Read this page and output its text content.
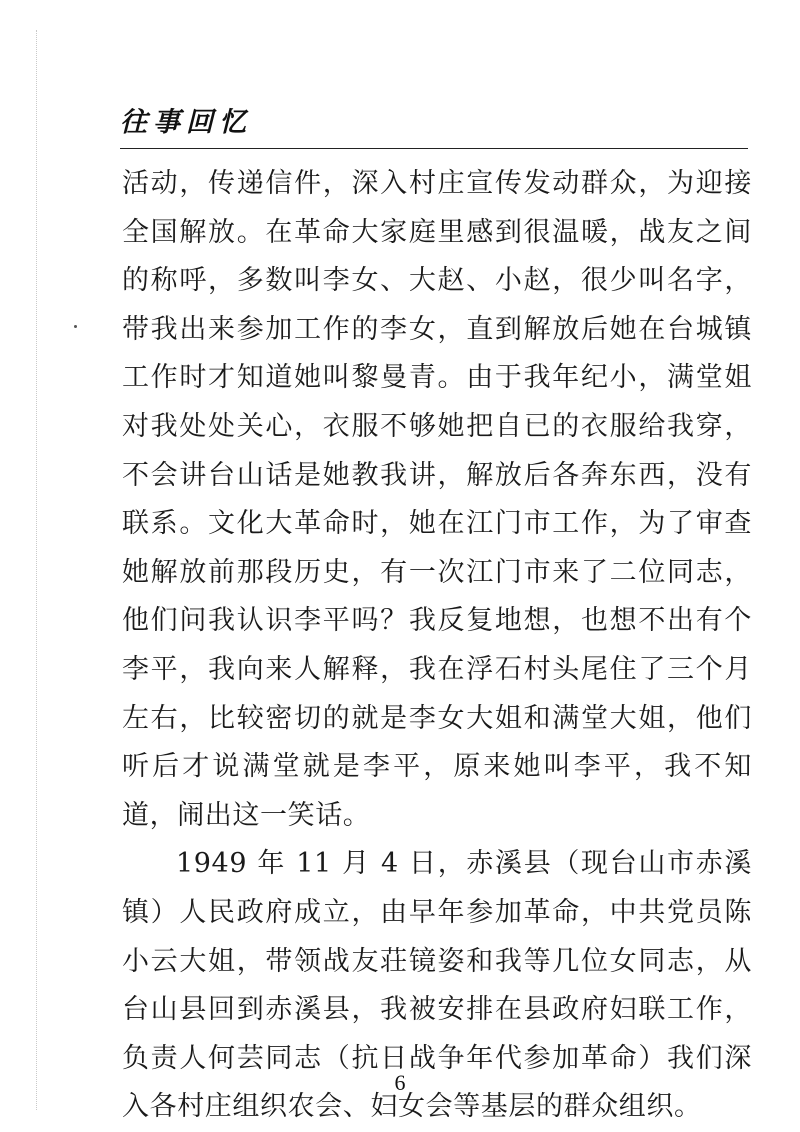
往事回忆

活动，传递信件，深入村庄宣传发动群众，为迎接全国解放。在革命大家庭里感到很温暖，战友之间的称呼，多数叫李女、大赵、小赵，很少叫名字，带我出来参加工作的李女，直到解放后她在台城镇工作时才知道她叫黎曼青。由于我年纪小，满堂姐对我处处关心，衣服不够她把自已的衣服给我穿，不会讲台山话是她教我讲，解放后各奔东西，没有联系。文化大革命时，她在江门市工作，为了审查她解放前那段历史，有一次江门市来了二位同志，他们问我认识李平吗？我反复地想，也想不出有个李平，我向来人解释，我在浮石村头尾住了三个月左右，比较密切的就是李女大姐和满堂大姐，他们听后才说满堂就是李平，原来她叫李平，我不知道，闹出这一笑话。

1949 年 11 月 4 日，赤溪县（现台山市赤溪镇）人民政府成立，由早年参加革命，中共党员陈小云大姐，带领战友荘镜姿和我等几位女同志，从台山县回到赤溪县，我被安排在县政府妇联工作，负责人何芸同志（抗日战争年代参加革命）我们深入各村庄组织农会、妇女会等基层的群众组织。

6
